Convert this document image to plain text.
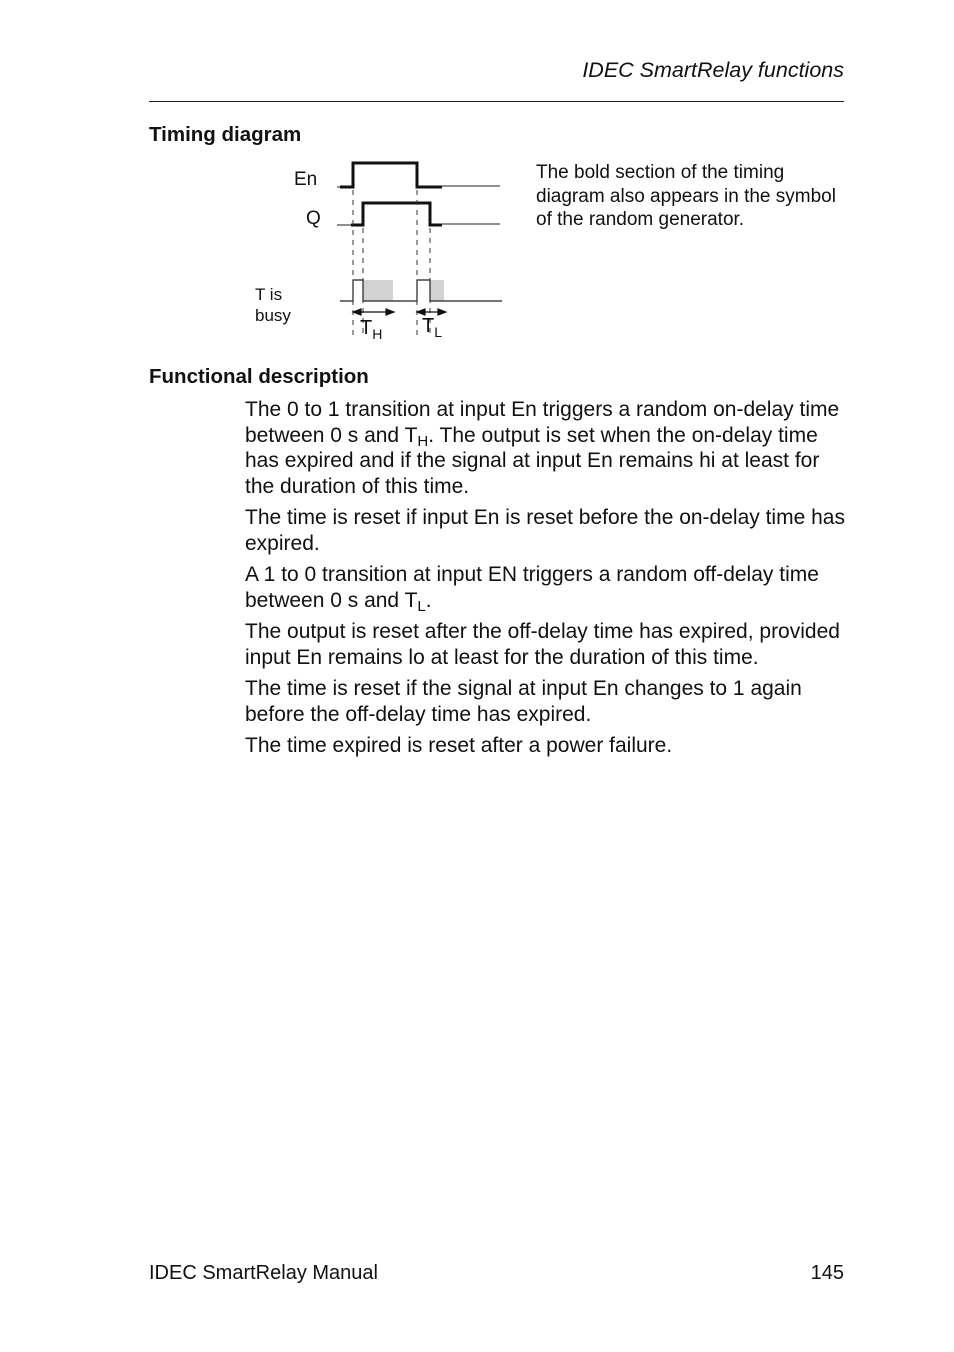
IDEC SmartRelay functions
Timing diagram
En
Q
T is
busy
$T_H$ $T_L$
The bold section of the timing diagram also appears in the symbol of the random generator.
Functional description

The 0 to 1 transition at input En triggers a random on-delay time between 0 s and $T_H$. The output is set when the on-delay time has expired and if the signal at input En remains hi at least for the duration of this time.

The time is reset if input En is reset before the on-delay time has expired.

A 1 to 0 transition at input EN triggers a random off-delay time between 0 s and $T_L$.

The output is reset after the off-delay time has expired, provided input En remains lo at least for the duration of this time.

The time is reset if the signal at input En changes to 1 again before the off-delay time has expired.

The time expired is reset after a power failure.

IDEC SmartRelay Manual	145
